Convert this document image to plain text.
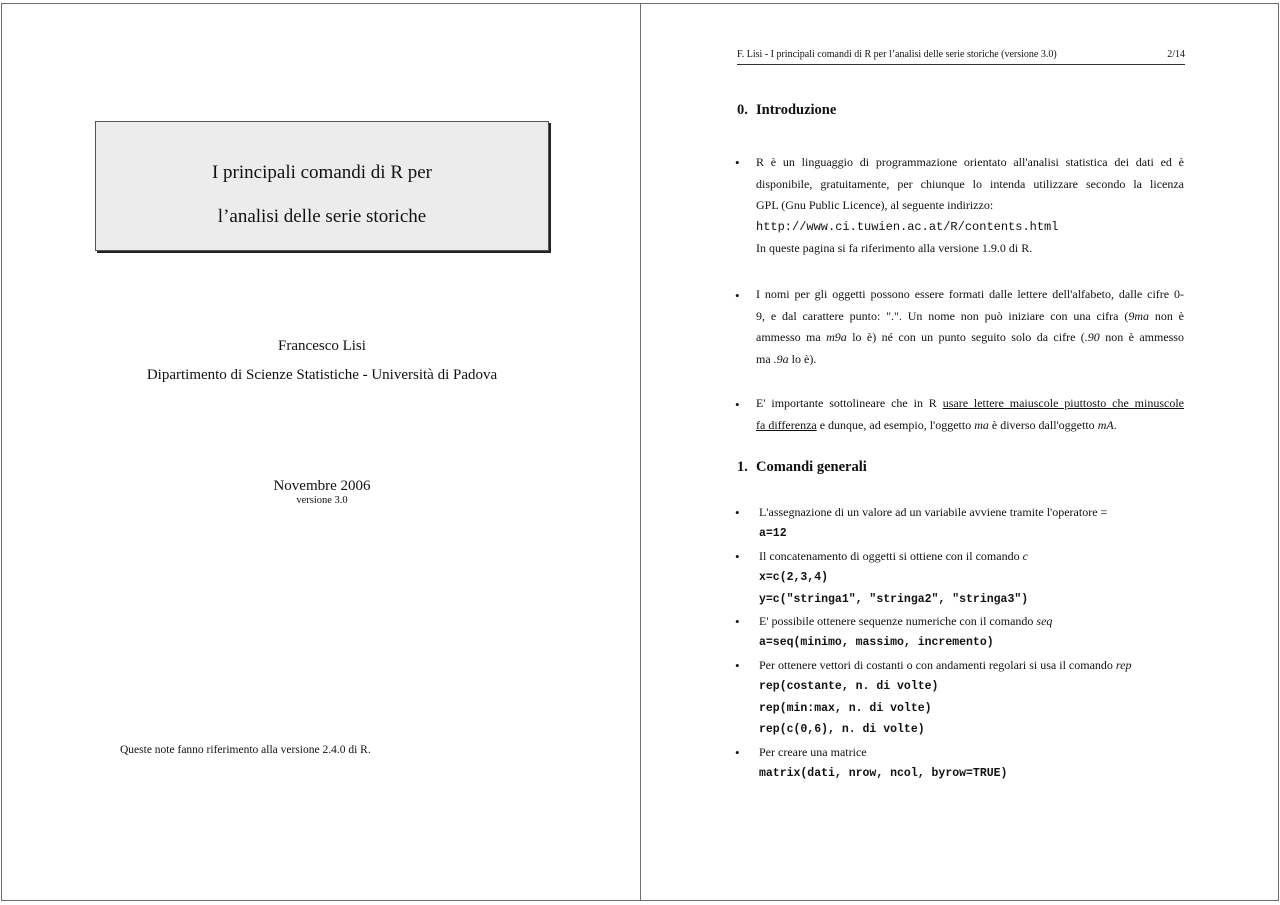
I principali comandi di R per
l’analisi delle serie storiche
Francesco Lisi
Dipartimento di Scienze Statistiche - Università di Padova
Novembre 2006
versione 3.0
Queste note fanno riferimento alla versione 2.4.0 di R.
F. Lisi - I principali comandi di R per l’analisi delle serie storiche (versione 3.0)	2/14
0. Introduzione
• R è un linguaggio di programmazione orientato all'analisi statistica dei dati ed è
disponibile, gratuitamente, per chiunque lo intenda utilizzare secondo la licenza
GPL (Gnu Public Licence), al seguente indirizzo:
http://www.ci.tuwien.ac.at/R/contents.html
In queste pagina si fa riferimento alla versione 1.9.0 di R.
• I nomi per gli oggetti possono essere formati dalle lettere dell'alfabeto, dalle cifre 0-
9, e dal carattere punto: ".". Un nome non può iniziare con una cifra (9ma non è
ammesso ma m9a lo è) né con un punto seguito solo da cifre (.90 non è ammesso
ma .9a lo è).
• E' importante sottolineare che in R usare lettere maiuscole piuttosto che minuscole
fa differenza e dunque, ad esempio, l'oggetto ma è diverso dall'oggetto mA.
1. Comandi generali
• L'assegnazione di un valore ad un variabile avviene tramite l'operatore =
a=12
• Il concatenamento di oggetti si ottiene con il comando c
x=c(2,3,4)
y=c("stringa1", "stringa2", "stringa3")
• E' possibile ottenere sequenze numeriche con il comando seq
a=seq(minimo, massimo, incremento)
• Per ottenere vettori di costanti o con andamenti regolari si usa il comando rep
rep(costante, n. di volte)
rep(min:max, n. di volte)
rep(c(0,6), n. di volte)
• Per creare una matrice
matrix(dati, nrow, ncol, byrow=TRUE)
